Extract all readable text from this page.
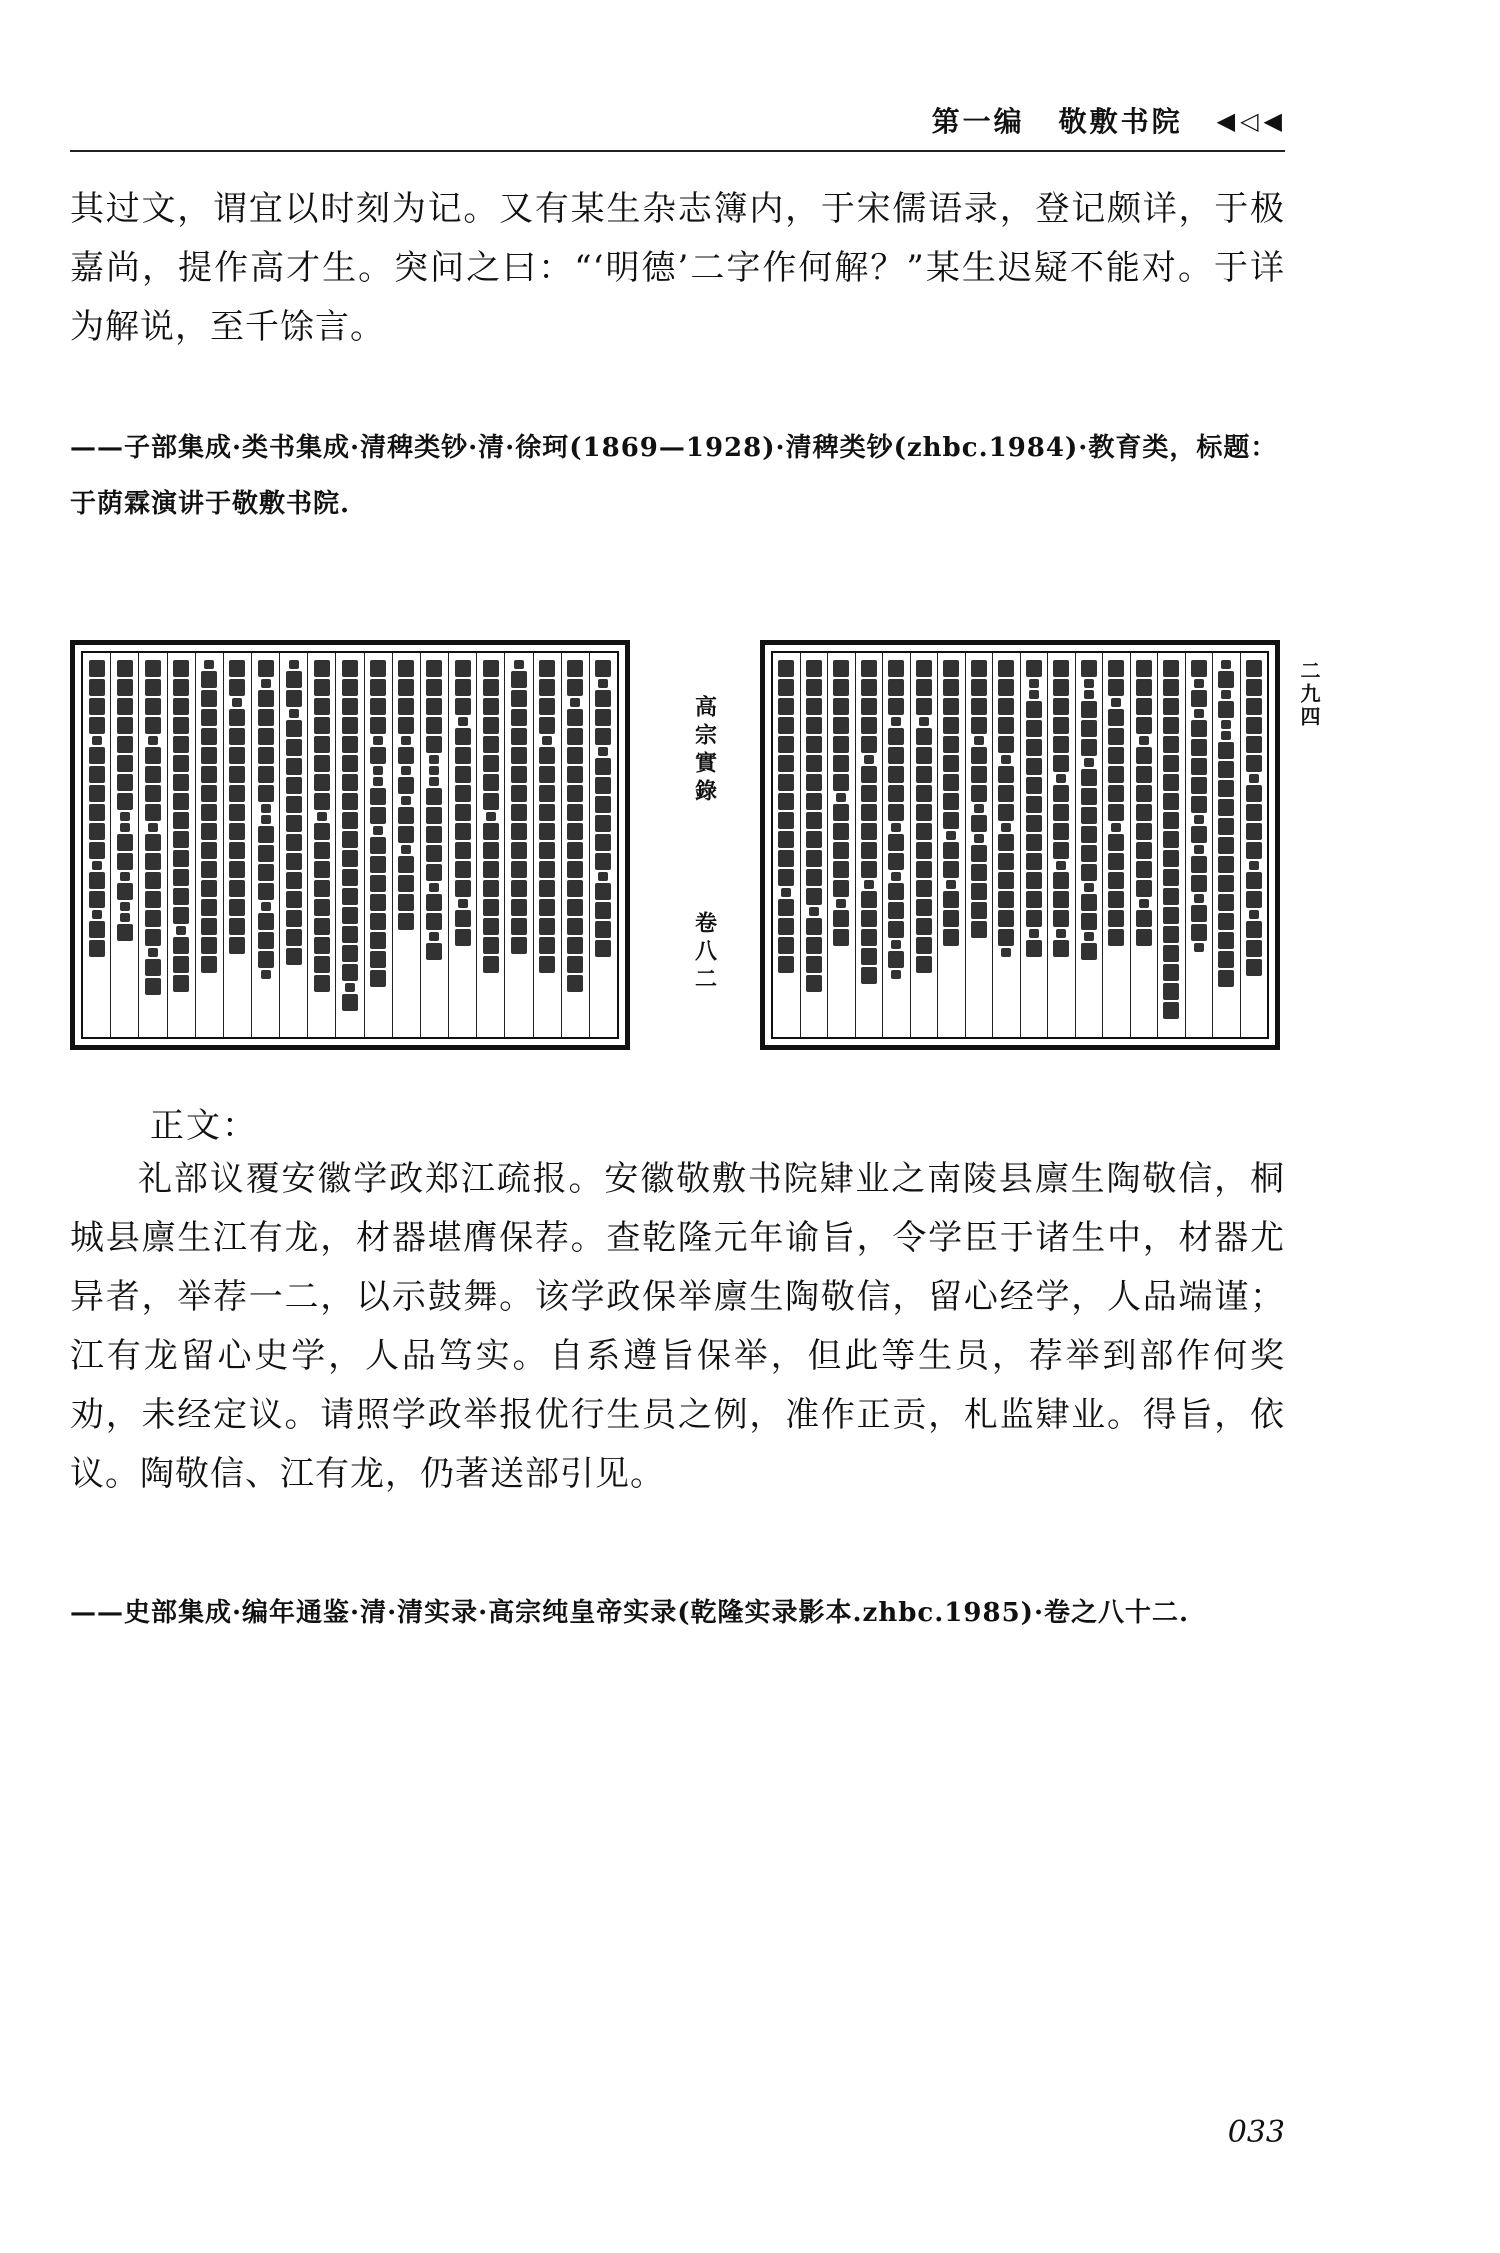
第一编 敬敷书院 ◀ ◁ ◀

其过文，谓宜以时刻为记。又有某生杂志簿内，于宋儒语录，登记颇详，于极嘉尚，提作高才生。突问之曰：“‘明德’二字作何解？”某生迟疑不能对。于详为解说，至千馀言。

——子部集成·类书集成·清稗类钞·清·徐珂(1869—1928)·清稗类钞(zhbc.1984)·教育类，标题：于荫霖演讲于敬敷书院.

高宗實錄
卷八二
二九四
正文：

礼部议覆安徽学政郑江疏报。安徽敬敷书院肄业之南陵县廪生陶敬信，桐城县廪生江有龙，材器堪膺保荐。查乾隆元年谕旨，令学臣于诸生中，材器尤异者，举荐一二，以示鼓舞。该学政保举廪生陶敬信，留心经学，人品端谨；江有龙留心史学，人品笃实。自系遵旨保举，但此等生员，荐举到部作何奖劝，未经定议。请照学政举报优行生员之例，准作正贡，札监肄业。得旨，依议。陶敬信、江有龙，仍著送部引见。

——史部集成·编年通鉴·清·清实录·高宗纯皇帝实录(乾隆实录影本.zhbc.1985)·卷之八十二.

033
